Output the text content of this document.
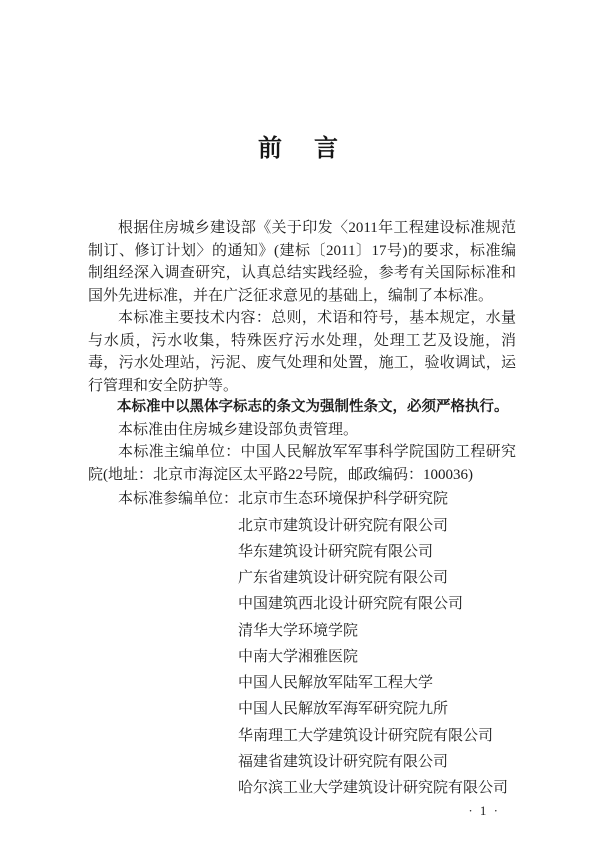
前　言

根据住房城乡建设部《关于印发〈2011年工程建设标准规范制订、修订计划〉的通知》(建标〔2011〕17号)的要求，标准编制组经深入调查研究，认真总结实践经验，参考有关国际标准和国外先进标准，并在广泛征求意见的基础上，编制了本标准。

本标准主要技术内容：总则，术语和符号，基本规定，水量与水质，污水收集，特殊医疗污水处理，处理工艺及设施，消毒，污水处理站，污泥、废气处理和处置，施工，验收调试，运行管理和安全防护等。

本标准中以黑体字标志的条文为强制性条文，必须严格执行。

本标准由住房城乡建设部负责管理。

本标准主编单位：中国人民解放军军事科学院国防工程研究院(地址：北京市海淀区太平路22号院，邮政编码：100036)

本标准参编单位：北京市生态环境保护科学研究院

北京市建筑设计研究院有限公司

华东建筑设计研究院有限公司

广东省建筑设计研究院有限公司

中国建筑西北设计研究院有限公司

清华大学环境学院

中南大学湘雅医院

中国人民解放军陆军工程大学

中国人民解放军海军研究院九所

华南理工大学建筑设计研究院有限公司

福建省建筑设计研究院有限公司

哈尔滨工业大学建筑设计研究院有限公司

· 1 ·
